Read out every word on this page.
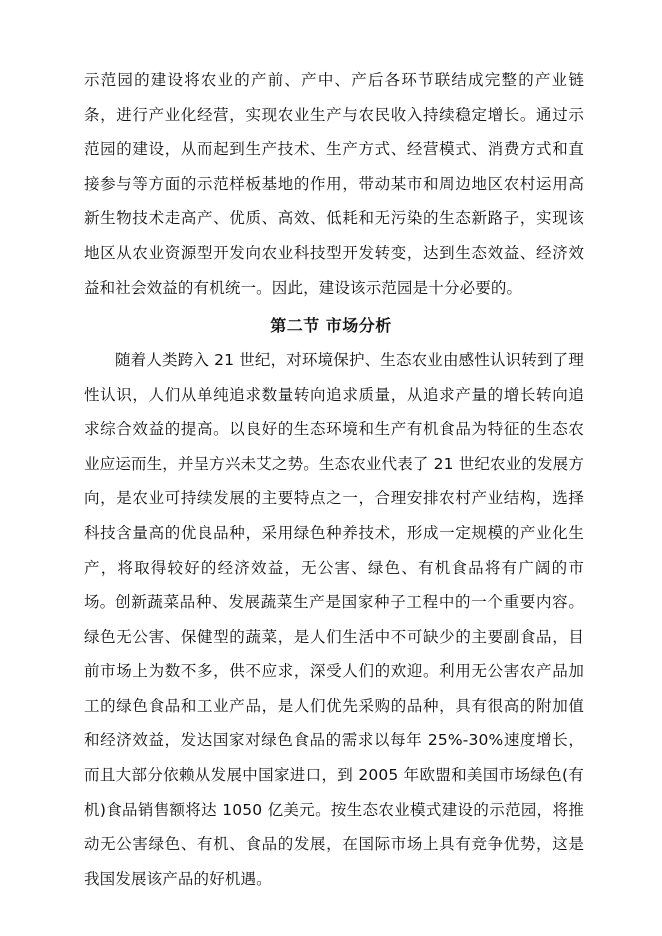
示范园的建设将农业的产前、产中、产后各环节联结成完整的产业链条，进行产业化经营，实现农业生产与农民收入持续稳定增长。通过示范园的建设，从而起到生产技术、生产方式、经营模式、消费方式和直接参与等方面的示范样板基地的作用，带动某市和周边地区农村运用高新生物技术走高产、优质、高效、低耗和无污染的生态新路子，实现该地区从农业资源型开发向农业科技型开发转变，达到生态效益、经济效益和社会效益的有机统一。因此，建设该示范园是十分必要的。

第二节 市场分析

随着人类跨入 21 世纪，对环境保护、生态农业由感性认识转到了理性认识，人们从单纯追求数量转向追求质量，从追求产量的增长转向追求综合效益的提高。以良好的生态环境和生产有机食品为特征的生态农业应运而生，并呈方兴未艾之势。生态农业代表了 21 世纪农业的发展方向，是农业可持续发展的主要特点之一，合理安排农村产业结构，选择科技含量高的优良品种，采用绿色种养技术，形成一定规模的产业化生产，将取得较好的经济效益，无公害、绿色、有机食品将有广阔的市场。 创新蔬菜品种、发展蔬菜生产是国家种子工程中的一个重要内容。绿色无公害、保健型的蔬菜，是人们生活中不可缺少的主要副食品，目前市场上为数不多，供不应求，深受人们的欢迎。利用无公害农产品加工的绿色食品和工业产品，是人们优先采购的品种，具有很高的附加值和经济效益，发达国家对绿色食品的需求以每年 25%-30%速度增长，而且大部分依赖从发展中国家进口，到 2005 年欧盟和美国市场绿色(有机)食品销售额将达 1050 亿美元。按生态农业模式建设的示范园，将推动无公害绿色、有机、食品的发展，在国际市场上具有竞争优势，这是我国发展该产品的好机遇。
